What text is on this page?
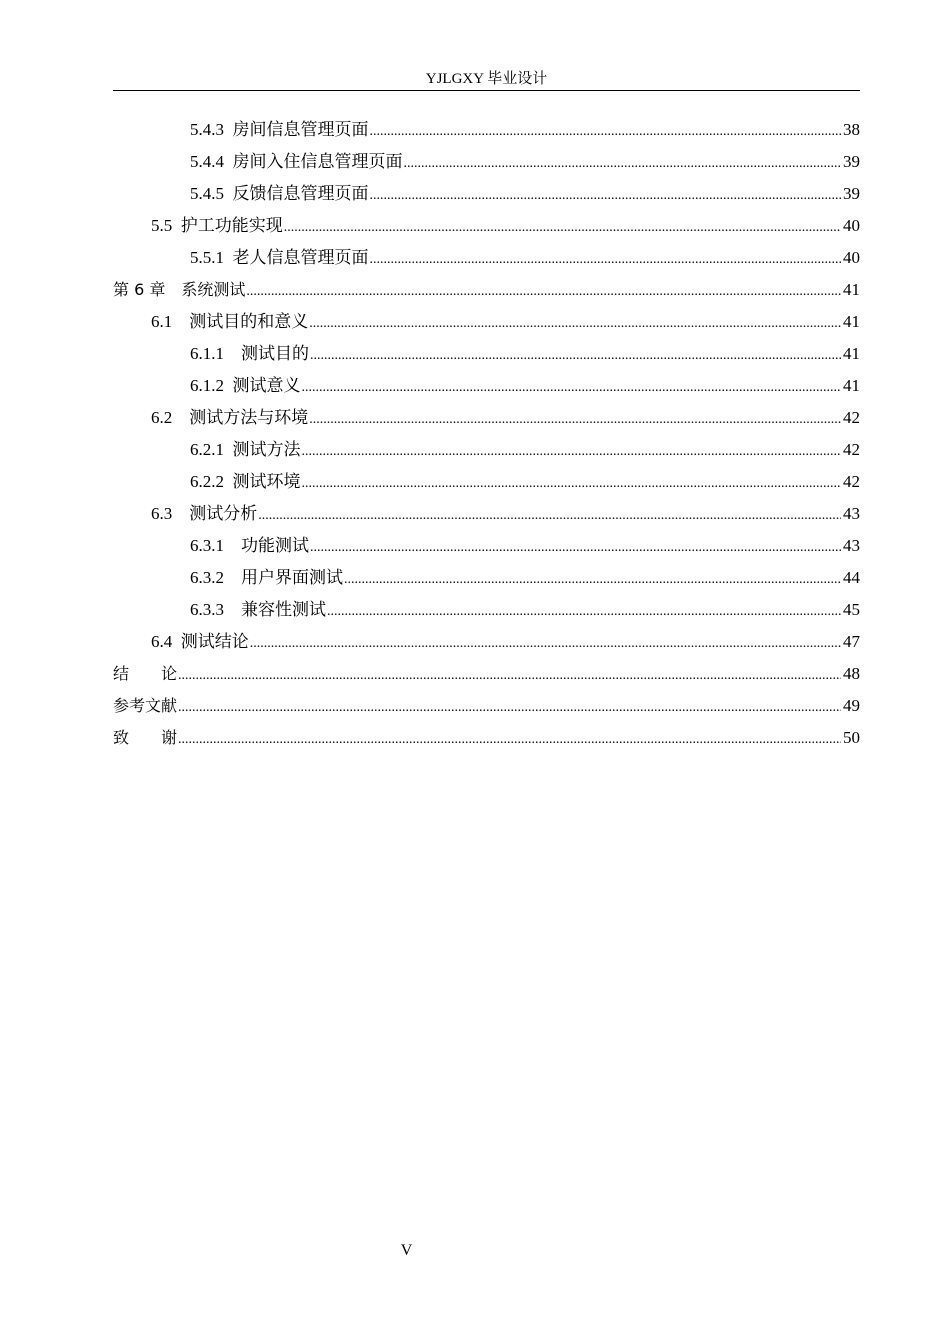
YJLGXY 毕业设计
5.4.3  房间信息管理页面 .....	38
5.4.4  房间入住信息管理页面 .....	39
5.4.5  反馈信息管理页面 .....	39
5.5  护工功能实现 .....	40
5.5.1  老人信息管理页面 .....	40
第 6 章　系统测试 .....	41
6.1　测试目的和意义 .....	41
6.1.1　测试目的 .....	41
6.1.2  测试意义 .....	41
6.2　测试方法与环境 .....	42
6.2.1  测试方法 .....	42
6.2.2  测试环境 .....	42
6.3　测试分析 .....	43
6.3.1　功能测试 .....	43
6.3.2　用户界面测试 .....	44
6.3.3　兼容性测试 .....	45
6.4  测试结论 .....	47
结　　论 .....	48
参考文献 .....	49
致　　谢 .....	50
V
